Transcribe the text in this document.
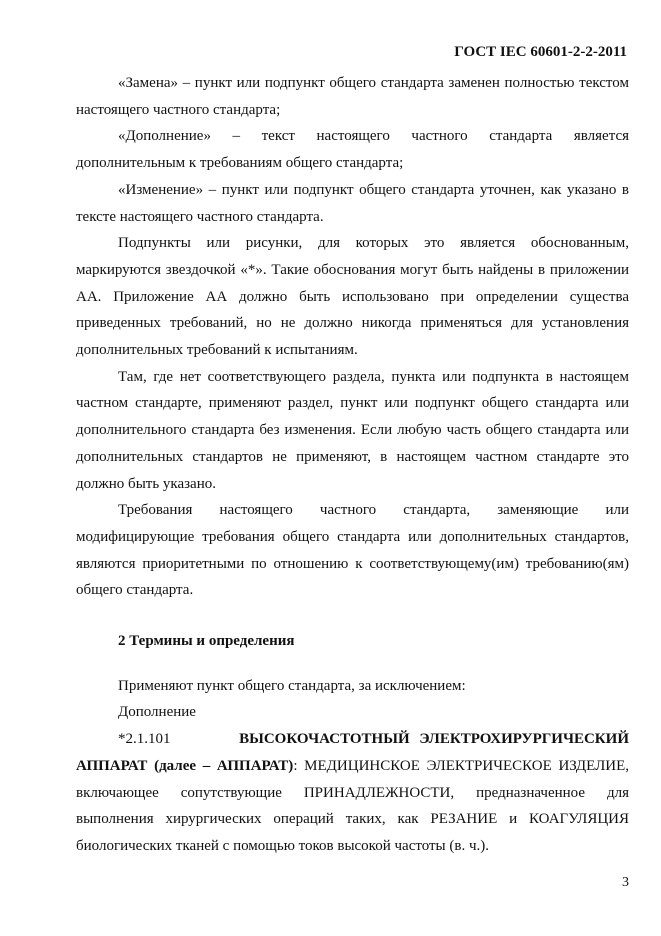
ГОСТ IEC 60601-2-2-2011

«Замена» – пункт или подпункт общего стандарта заменен полностью текстом настоящего частного стандарта;

«Дополнение» – текст настоящего частного стандарта является дополнительным к требованиям общего стандарта;

«Изменение» – пункт или подпункт общего стандарта уточнен, как указано в тексте настоящего частного стандарта.

Подпункты или рисунки, для которых это является обоснованным, маркируются звездочкой «*». Такие обоснования могут быть найдены в приложении АА. Приложение АА должно быть использовано при определении существа приведенных требований, но не должно никогда применяться для установления дополнительных требований к испытаниям.

Там, где нет соответствующего раздела, пункта или подпункта в настоящем частном стандарте, применяют раздел, пункт или подпункт общего стандарта или дополнительного стандарта без изменения. Если любую часть общего стандарта или дополнительных стандартов не применяют, в настоящем частном стандарте это должно быть указано.

Требования настоящего частного стандарта, заменяющие или модифицирующие требования общего стандарта или дополнительных стандартов, являются приоритетными по отношению к соответствующему(им) требованию(ям) общего стандарта.

2 Термины и определения

Применяют пункт общего стандарта, за исключением:

Дополнение

*2.1.101	ВЫСОКОЧАСТОТНЫЙ ЭЛЕКТРОХИРУРГИЧЕСКИЙ АППАРАТ (далее – АППАРАТ): МЕДИЦИНСКОЕ ЭЛЕКТРИЧЕСКОЕ ИЗДЕЛИЕ, включающее сопутствующие ПРИНАДЛЕЖНОСТИ, предназначенное для выполнения хирургических операций таких, как РЕЗАНИЕ и КОАГУЛЯЦИЯ биологических тканей с помощью токов высокой частоты (в. ч.).

3
